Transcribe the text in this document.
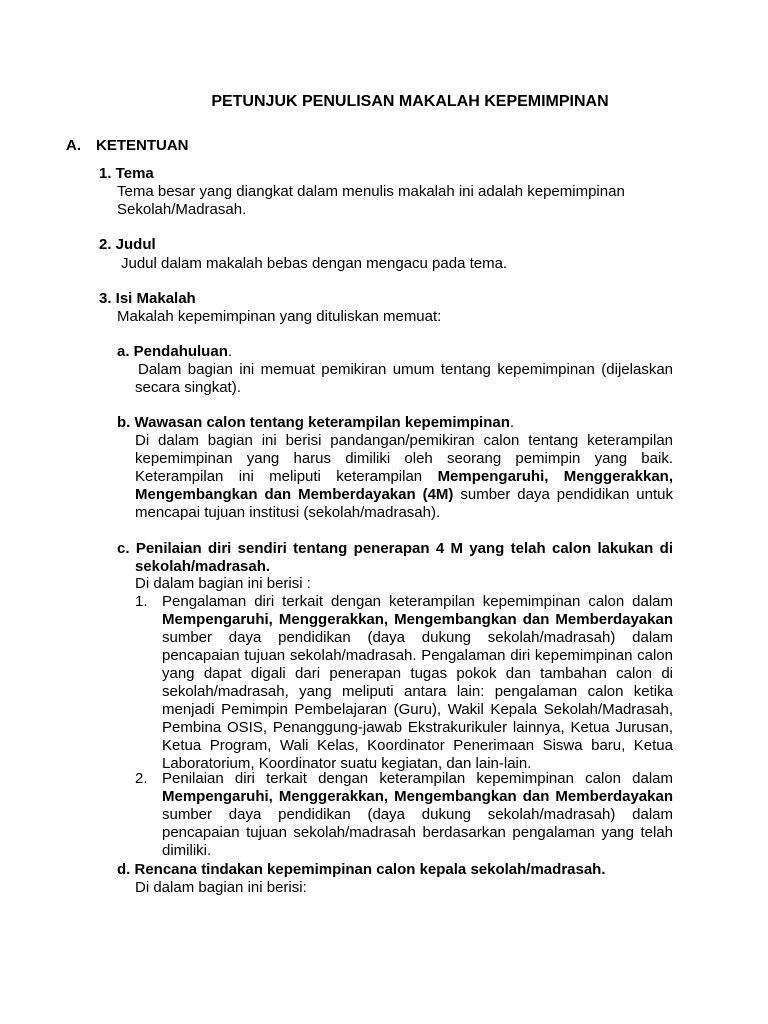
PETUNJUK PENULISAN MAKALAH KEPEMIMPINAN
A. KETENTUAN
1. Tema
Tema besar yang diangkat dalam menulis makalah ini adalah kepemimpinan Sekolah/Madrasah.
2. Judul
Judul dalam makalah bebas dengan mengacu pada tema.
3. Isi Makalah
Makalah kepemimpinan yang dituliskan memuat:
a. Pendahuluan.
Dalam bagian ini memuat pemikiran umum tentang kepemimpinan (dijelaskan secara singkat).
b. Wawasan calon tentang keterampilan kepemimpinan.
Di dalam bagian ini berisi pandangan/pemikiran calon tentang keterampilan kepemimpinan yang harus dimiliki oleh seorang pemimpin yang baik. Keterampilan ini meliputi keterampilan Mempengaruhi, Menggerakkan, Mengembangkan dan Memberdayakan (4M) sumber daya pendidikan untuk mencapai tujuan institusi (sekolah/madrasah).
c. Penilaian diri sendiri tentang penerapan 4 M yang telah calon lakukan di sekolah/madrasah.
Di dalam bagian ini berisi :
1. Pengalaman diri terkait dengan keterampilan kepemimpinan calon dalam Mempengaruhi, Menggerakkan, Mengembangkan dan Memberdayakan sumber daya pendidikan (daya dukung sekolah/madrasah) dalam pencapaian tujuan sekolah/madrasah. Pengalaman diri kepemimpinan calon yang dapat digali dari penerapan tugas pokok dan tambahan calon di sekolah/madrasah, yang meliputi antara lain: pengalaman calon ketika menjadi Pemimpin Pembelajaran (Guru), Wakil Kepala Sekolah/Madrasah, Pembina OSIS, Penanggung-jawab Ekstrakurikuler lainnya, Ketua Jurusan, Ketua Program, Wali Kelas, Koordinator Penerimaan Siswa baru, Ketua Laboratorium, Koordinator suatu kegiatan, dan lain-lain.
2. Penilaian diri terkait dengan keterampilan kepemimpinan calon dalam Mempengaruhi, Menggerakkan, Mengembangkan dan Memberdayakan sumber daya pendidikan (daya dukung sekolah/madrasah) dalam pencapaian tujuan sekolah/madrasah berdasarkan pengalaman yang telah dimiliki.
d. Rencana tindakan kepemimpinan calon kepala sekolah/madrasah.
Di dalam bagian ini berisi:
